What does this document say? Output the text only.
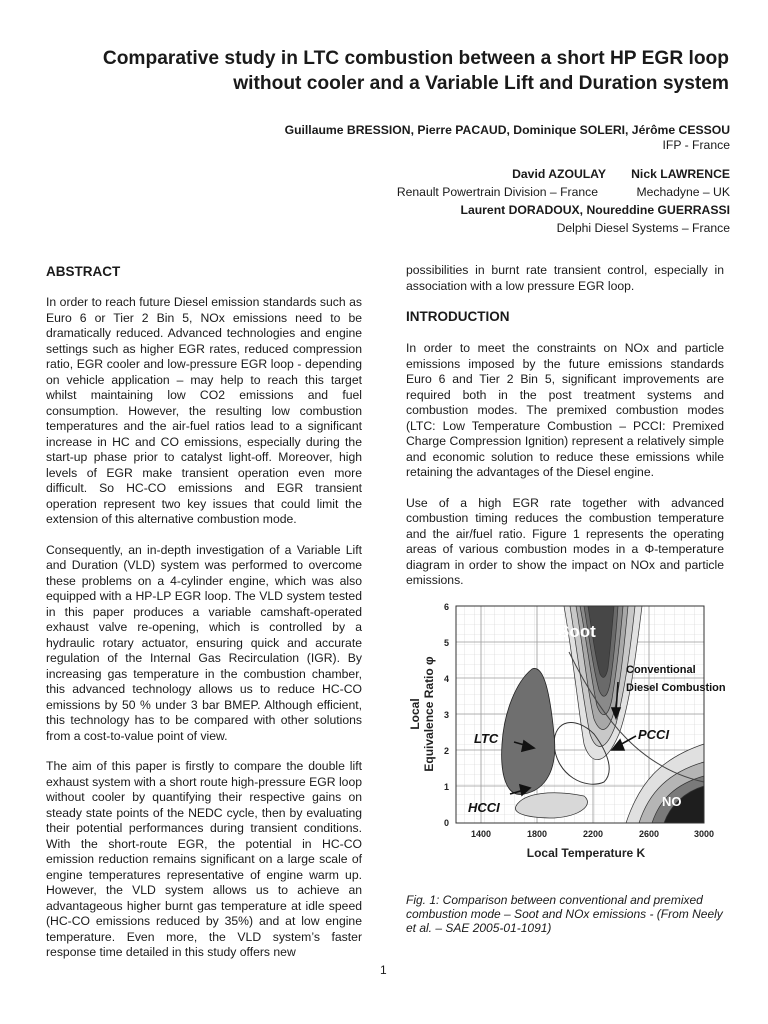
Comparative study in LTC combustion between a short HP EGR loop
without cooler and a Variable Lift and Duration system
Guillaume BRESSION, Pierre PACAUD, Dominique SOLERI, Jérôme CESSOU
IFP - France
David AZOULAY Nick LAWRENCE
Renault Powertrain Division – France	Mechadyne – UK
Laurent DORADOUX, Noureddine GUERRASSI
Delphi Diesel Systems – France
ABSTRACT

In order to reach future Diesel emission standards such as Euro 6 or Tier 2 Bin 5, NOx emissions need to be dramatically reduced. Advanced technologies and engine settings such as higher EGR rates, reduced compression ratio, EGR cooler and low-pressure EGR loop - depending on vehicle application – may help to reach this target whilst maintaining low CO2 emissions and fuel consumption. However, the resulting low combustion temperatures and the air-fuel ratios lead to a significant increase in HC and CO emissions, especially during the start-up phase prior to catalyst light-off. Moreover, high levels of EGR make transient operation even more difficult. So HC-CO emissions and EGR transient operation represent two key issues that could limit the extension of this alternative combustion mode.

Consequently, an in-depth investigation of a Variable Lift and Duration (VLD) system was performed to overcome these problems on a 4-cylinder engine, which was also equipped with a HP-LP EGR loop. The VLD system tested in this paper produces a variable camshaft-operated exhaust valve re-opening, which is controlled by a hydraulic rotary actuator, ensuring quick and accurate regulation of the Internal Gas Recirculation (IGR). By increasing gas temperature in the combustion chamber, this advanced technology allows us to reduce HC-CO emissions by 50 % under 3 bar BMEP. Although efficient, this technology has to be compared with other solutions from a cost-to-value point of view.

The aim of this paper is firstly to compare the double lift exhaust system with a short route high-pressure EGR loop without cooler by quantifying their respective gains on steady state points of the NEDC cycle, then by evaluating their potential performances during transient conditions. With the short-route EGR, the potential in HC-CO emission reduction remains significant on a large scale of engine temperatures representative of engine warm up. However, the VLD system allows us to achieve an advantageous higher burnt gas temperature at idle speed (HC-CO emissions reduced by 35%) and at low engine temperature. Even more, the VLD system’s faster response time detailed in this study offers new

possibilities in burnt rate transient control, especially in association with a low pressure EGR loop.

INTRODUCTION

In order to meet the constraints on NOx and particle emissions imposed by the future emissions standards Euro 6 and Tier 2 Bin 5, significant improvements are required both in the post treatment systems and combustion modes. The premixed combustion modes (LTC: Low Temperature Combustion – PCCI: Premixed Charge Compression Ignition) represent a relatively simple and economic solution to reduce these emissions while retaining the advantages of the Diesel engine.

Use of a high EGR rate together with advanced combustion timing reduces the combustion temperature and the air/fuel ratio. Figure 1 represents the operating areas of various combustion modes in a Φ-temperature diagram in order to show the impact on NOx and particle emissions.

0
1
2
3
4
5
6
1400	1800	2200	2600	3000
Local Temperature K
Local Equivalence Ratio φ
Soot
Conventional
Diesel Combustion
PCCI
LTC
HCCI	NO
Fig. 1: Comparison between conventional and premixed combustion mode – Soot and NOx emissions - (From Neely et al. – SAE 2005-01-1091)
1
